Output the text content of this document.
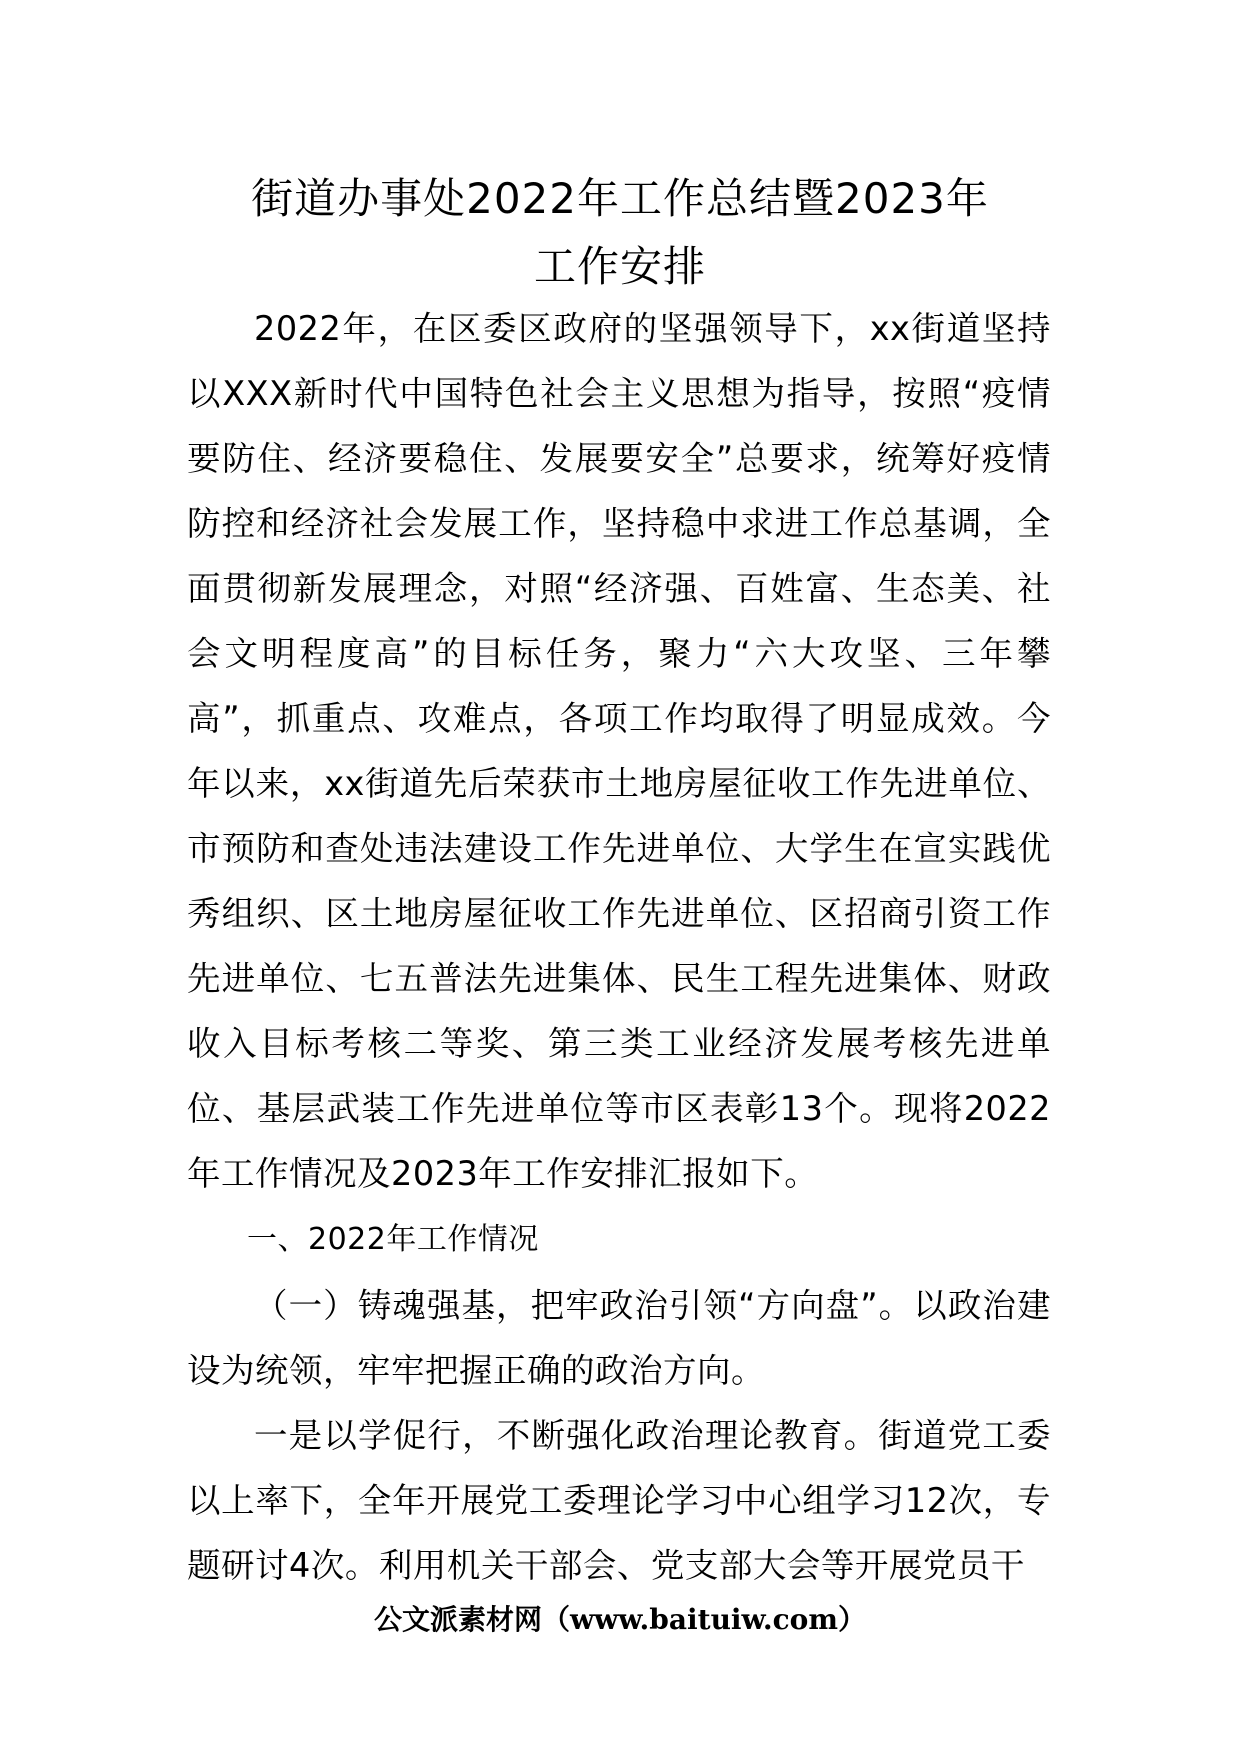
街道办事处2022年工作总结暨2023年
工作安排

2022年，在区委区政府的坚强领导下，xx街道坚持以XXX新时代中国特色社会主义思想为指导，按照“疫情要防住、经济要稳住、发展要安全”总要求，统筹好疫情防控和经济社会发展工作，坚持稳中求进工作总基调，全面贯彻新发展理念，对照“经济强、百姓富、生态美、社会文明程度高”的目标任务，聚力“六大攻坚、三年攀高”，抓重点、攻难点，各项工作均取得了明显成效。今年以来，xx街道先后荣获市土地房屋征收工作先进单位、市预防和查处违法建设工作先进单位、大学生在宣实践优秀组织、区土地房屋征收工作先进单位、区招商引资工作先进单位、七五普法先进集体、民生工程先进集体、财政收入目标考核二等奖、第三类工业经济发展考核先进单位、基层武装工作先进单位等市区表彰13个。现将2022年工作情况及2023年工作安排汇报如下。

一、2022年工作情况

（一）铸魂强基，把牢政治引领“方向盘”。以政治建设为统领，牢牢把握正确的政治方向。

一是以学促行，不断强化政治理论教育。街道党工委以上率下，全年开展党工委理论学习中心组学习12次，专题研讨4次。利用机关干部会、党支部大会等开展党员干

公文派素材网（www.baituiw.com）
